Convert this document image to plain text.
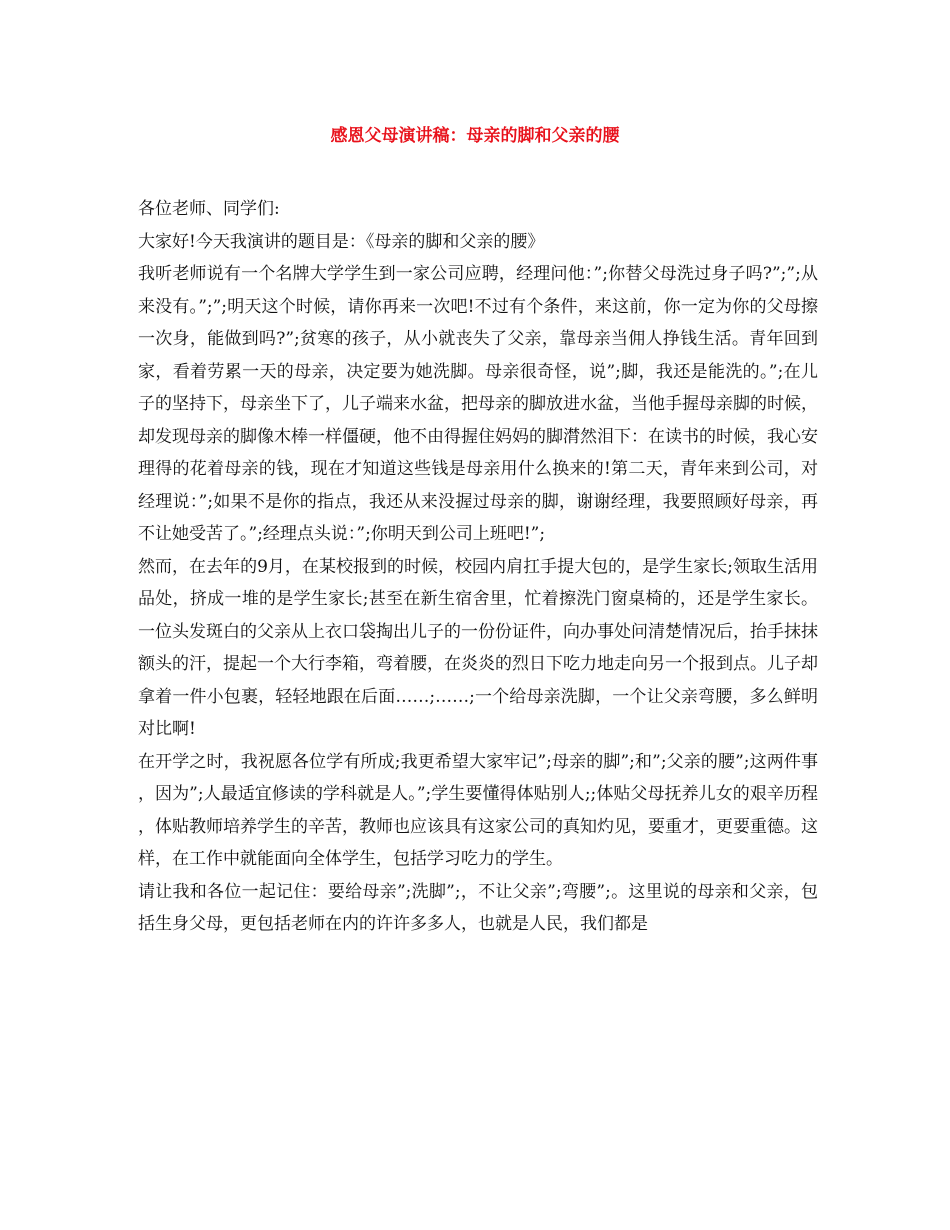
感恩父母演讲稿：母亲的脚和父亲的腰

各位老师、同学们:

大家好!今天我演讲的题目是：《母亲的脚和父亲的腰》

我听老师说有一个名牌大学学生到一家公司应聘，经理问他：”;你替父母洗过身子吗?”;”;从来没有。”;”;明天这个时候，请你再来一次吧!不过有个条件，来这前，你一定为你的父母擦一次身，能做到吗?”;贫寒的孩子，从小就丧失了父亲，靠母亲当佣人挣钱生活。青年回到家，看着劳累一天的母亲，决定要为她洗脚。母亲很奇怪，说”;脚，我还是能洗的。”;在儿子的坚持下，母亲坐下了，儿子端来水盆，把母亲的脚放进水盆，当他手握母亲脚的时候，却发现母亲的脚像木棒一样僵硬，他不由得握住妈妈的脚潸然泪下：在读书的时候，我心安理得的花着母亲的钱，现在才知道这些钱是母亲用什么换来的!第二天，青年来到公司，对经理说：”;如果不是你的指点，我还从来没握过母亲的脚，谢谢经理，我要照顾好母亲，再不让她受苦了。”;经理点头说：”;你明天到公司上班吧!”;

然而，在去年的9月，在某校报到的时候，校园内肩扛手提大包的，是学生家长;领取生活用品处，挤成一堆的是学生家长;甚至在新生宿舍里，忙着擦洗门窗桌椅的，还是学生家长。一位头发斑白的父亲从上衣口袋掏出儿子的一份份证件，向办事处问清楚情况后，抬手抹抹额头的汗，提起一个大行李箱，弯着腰，在炎炎的烈日下吃力地走向另一个报到点。儿子却拿着一件小包裹，轻轻地跟在后面……;……;一个给母亲洗脚，一个让父亲弯腰，多么鲜明对比啊!

在开学之时，我祝愿各位学有所成;我更希望大家牢记”;母亲的脚”;和”;父亲的腰”;这两件事，因为”;人最适宜修读的学科就是人。”;学生要懂得体贴别人;;体贴父母抚养儿女的艰辛历程，体贴教师培养学生的辛苦，教师也应该具有这家公司的真知灼见，要重才，更要重德。这样，在工作中就能面向全体学生，包括学习吃力的学生。

请让我和各位一起记住：要给母亲”;洗脚”;，不让父亲”;弯腰”;。这里说的母亲和父亲，包括生身父母，更包括老师在内的许许多多人，也就是人民，我们都是
